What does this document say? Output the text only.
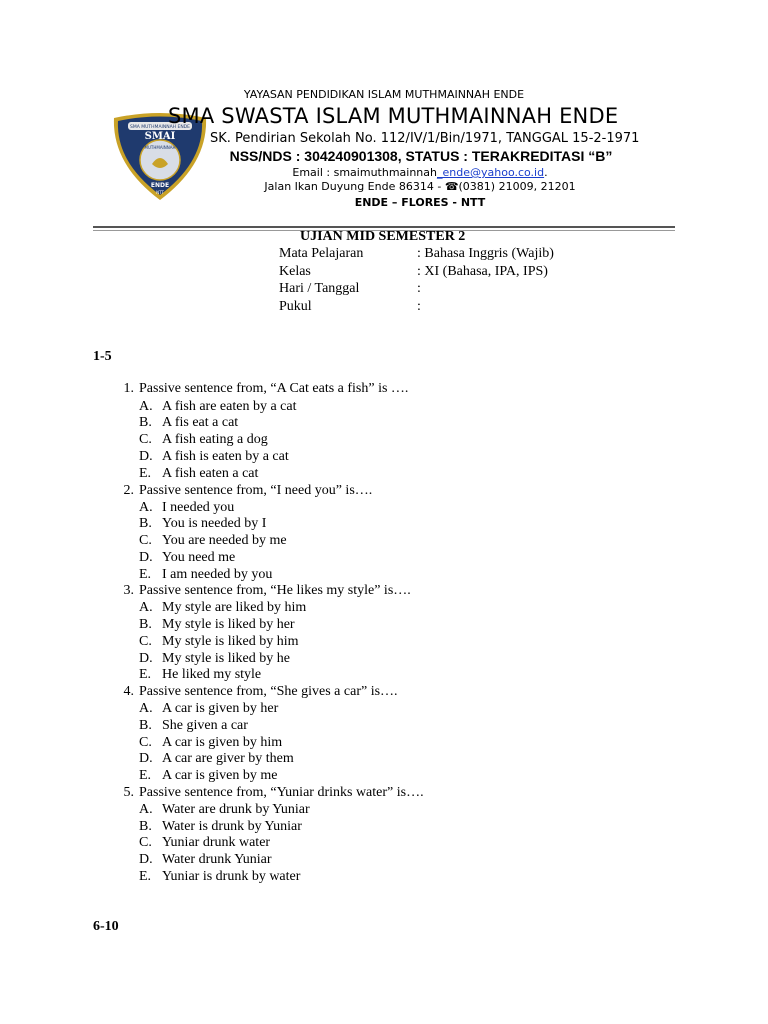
SMA MUTHMAINNAH ENDE
SMAI
MUTHMAINNAH
ENDE
NTT
YAYASAN PENDIDIKAN ISLAM MUTHMAINNAH ENDE
SMA SWASTA ISLAM MUTHMAINNAH ENDE
SK. Pendirian Sekolah No. 112/IV/1/Bin/1971, TANGGAL 15-2-1971
NSS/NDS : 304240901308, STATUS : TERAKREDITASI “B”
Email : smaimuthmainnah_ende@yahoo.co.id.
Jalan Ikan Duyung Ende 86314 - ☎(0381) 21009, 21201
ENDE – FLORES - NTT
UJIAN MID SEMESTER 2
Mata Pelajaran	: Bahasa Inggris (Wajib)
Kelas	: XI (Bahasa, IPA, IPS)
Hari / Tanggal	:
Pukul	:
1-5
1. Passive sentence from, “A Cat eats a fish” is ….
A. A fish are eaten by a cat
B. A fis eat a cat
C. A fish eating a dog
D. A fish is eaten by a cat
E. A fish eaten a cat
2. Passive sentence from, “I need you” is….
A. I needed you
B. You is needed by I
C. You are needed by me
D. You need me
E. I am needed by you
3. Passive sentence from, “He likes my style” is….
A. My style are liked by him
B. My style is liked by her
C. My style is liked by him
D. My style is liked by he
E. He liked my style
4. Passive sentence from, “She gives a car” is….
A. A car is given by her
B. She given a car
C. A car is given by him
D. A car are giver by them
E. A car is given by me
5. Passive sentence from, “Yuniar drinks water” is….
A. Water are drunk by Yuniar
B. Water is drunk by Yuniar
C. Yuniar drunk water
D. Water drunk Yuniar
E. Yuniar is drunk by water
6-10
